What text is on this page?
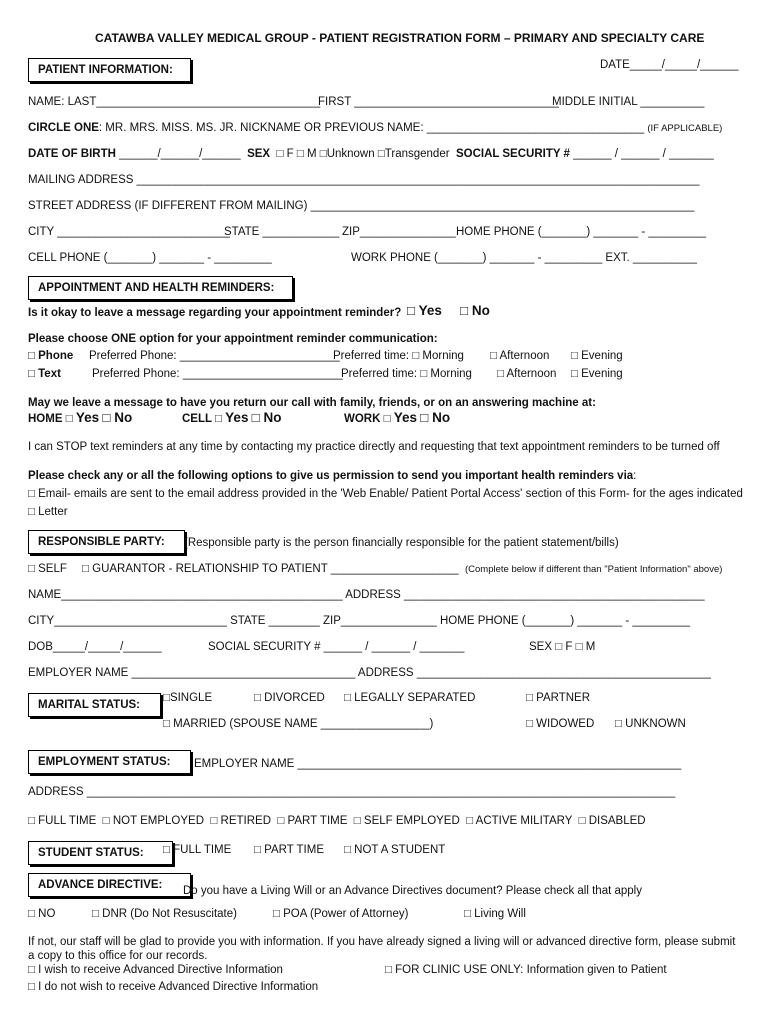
CATAWBA VALLEY MEDICAL GROUP - PATIENT REGISTRATION FORM – PRIMARY AND SPECIALTY CARE
DATE_____/_____/______
PATIENT INFORMATION:
NAME: LAST___________________________________
FIRST ________________________________
MIDDLE INITIAL __________
CIRCLE ONE: MR. MRS. MISS. MS. JR. NICKNAME OR PREVIOUS NAME: __________________________________ (IF APPLICABLE)
DATE OF BIRTH ______/______/______ SEX □ F □ M □Unknown □Transgender SOCIAL SECURITY # ______ / ______ / _______
MAILING ADDRESS ________________________________________________________________________________________
STREET ADDRESS (IF DIFFERENT FROM MAILING) ____________________________________________________________
CITY ___________________________
STATE ____________ ZIP_______________ HOME PHONE (_______) _______ - _________
CELL PHONE (_______) _______ - _________	WORK PHONE (_______) _______ - _________ EXT. __________
APPOINTMENT AND HEALTH REMINDERS:
Is it okay to leave a message regarding your appointment reminder? □ Yes □ No
Please choose ONE option for your appointment reminder communication:
□ Phone Preferred Phone: _________________________
Preferred time: □ Morning □ Afternoon □ Evening
□ Text	Preferred Phone: _________________________
Preferred time: □ Morning □ Afternoon □ Evening
May we leave a message to have you return our call with family, friends, or on an answering machine at:
HOME □ Yes □ No	CELL □ Yes □ No	WORK □ Yes □ No
I can STOP text reminders at any time by contacting my practice directly and requesting that text appointment reminders to be turned off
Please check any or all the following options to give us permission to send you important health reminders via:
□ Email- emails are sent to the email address provided in the 'Web Enable/ Patient Portal Access' section of this Form- for the ages indicated
□ Letter
RESPONSIBLE PARTY:	(Responsible party is the person financially responsible for the patient statement/bills)
□ SELF □ GUARANTOR - RELATIONSHIP TO PATIENT ____________________ (Complete below if different than "Patient Information" above)
NAME____________________________________________ ADDRESS _______________________________________________
CITY___________________________ STATE ________ ZIP_______________ HOME PHONE (_______) _______ - _________
DOB_____/_____/______	SOCIAL SECURITY # ______ / ______ / _______	SEX □ F □ M
EMPLOYER NAME ___________________________________ ADDRESS ______________________________________________
MARITAL STATUS:
□SINGLE	□ DIVORCED □ LEGALLY SEPARATED	□ PARTNER
□ MARRIED (SPOUSE NAME _________________)	□ WIDOWED □ UNKNOWN
EMPLOYMENT STATUS:	EMPLOYER NAME ____________________________________________________________
ADDRESS ____________________________________________________________________________________________
□ FULL TIME  □ NOT EMPLOYED  □ RETIRED  □ PART TIME  □ SELF EMPLOYED  □ ACTIVE MILITARY  □ DISABLED
STUDENT STATUS:	□ FULL TIME □ PART TIME □ NOT A STUDENT
ADVANCE DIRECTIVE:	Do you have a Living Will or an Advance Directives document? Please check all that apply
□ NO	□ DNR (Do Not Resuscitate)	□ POA (Power of Attorney)	□ Living Will
If not, our staff will be glad to provide you with information. If you have already signed a living will or advanced directive form, please submit a copy to this office for our records.
□ I wish to receive Advanced Directive Information	□ FOR CLINIC USE ONLY: Information given to Patient
□ I do not wish to receive Advanced Directive Information
